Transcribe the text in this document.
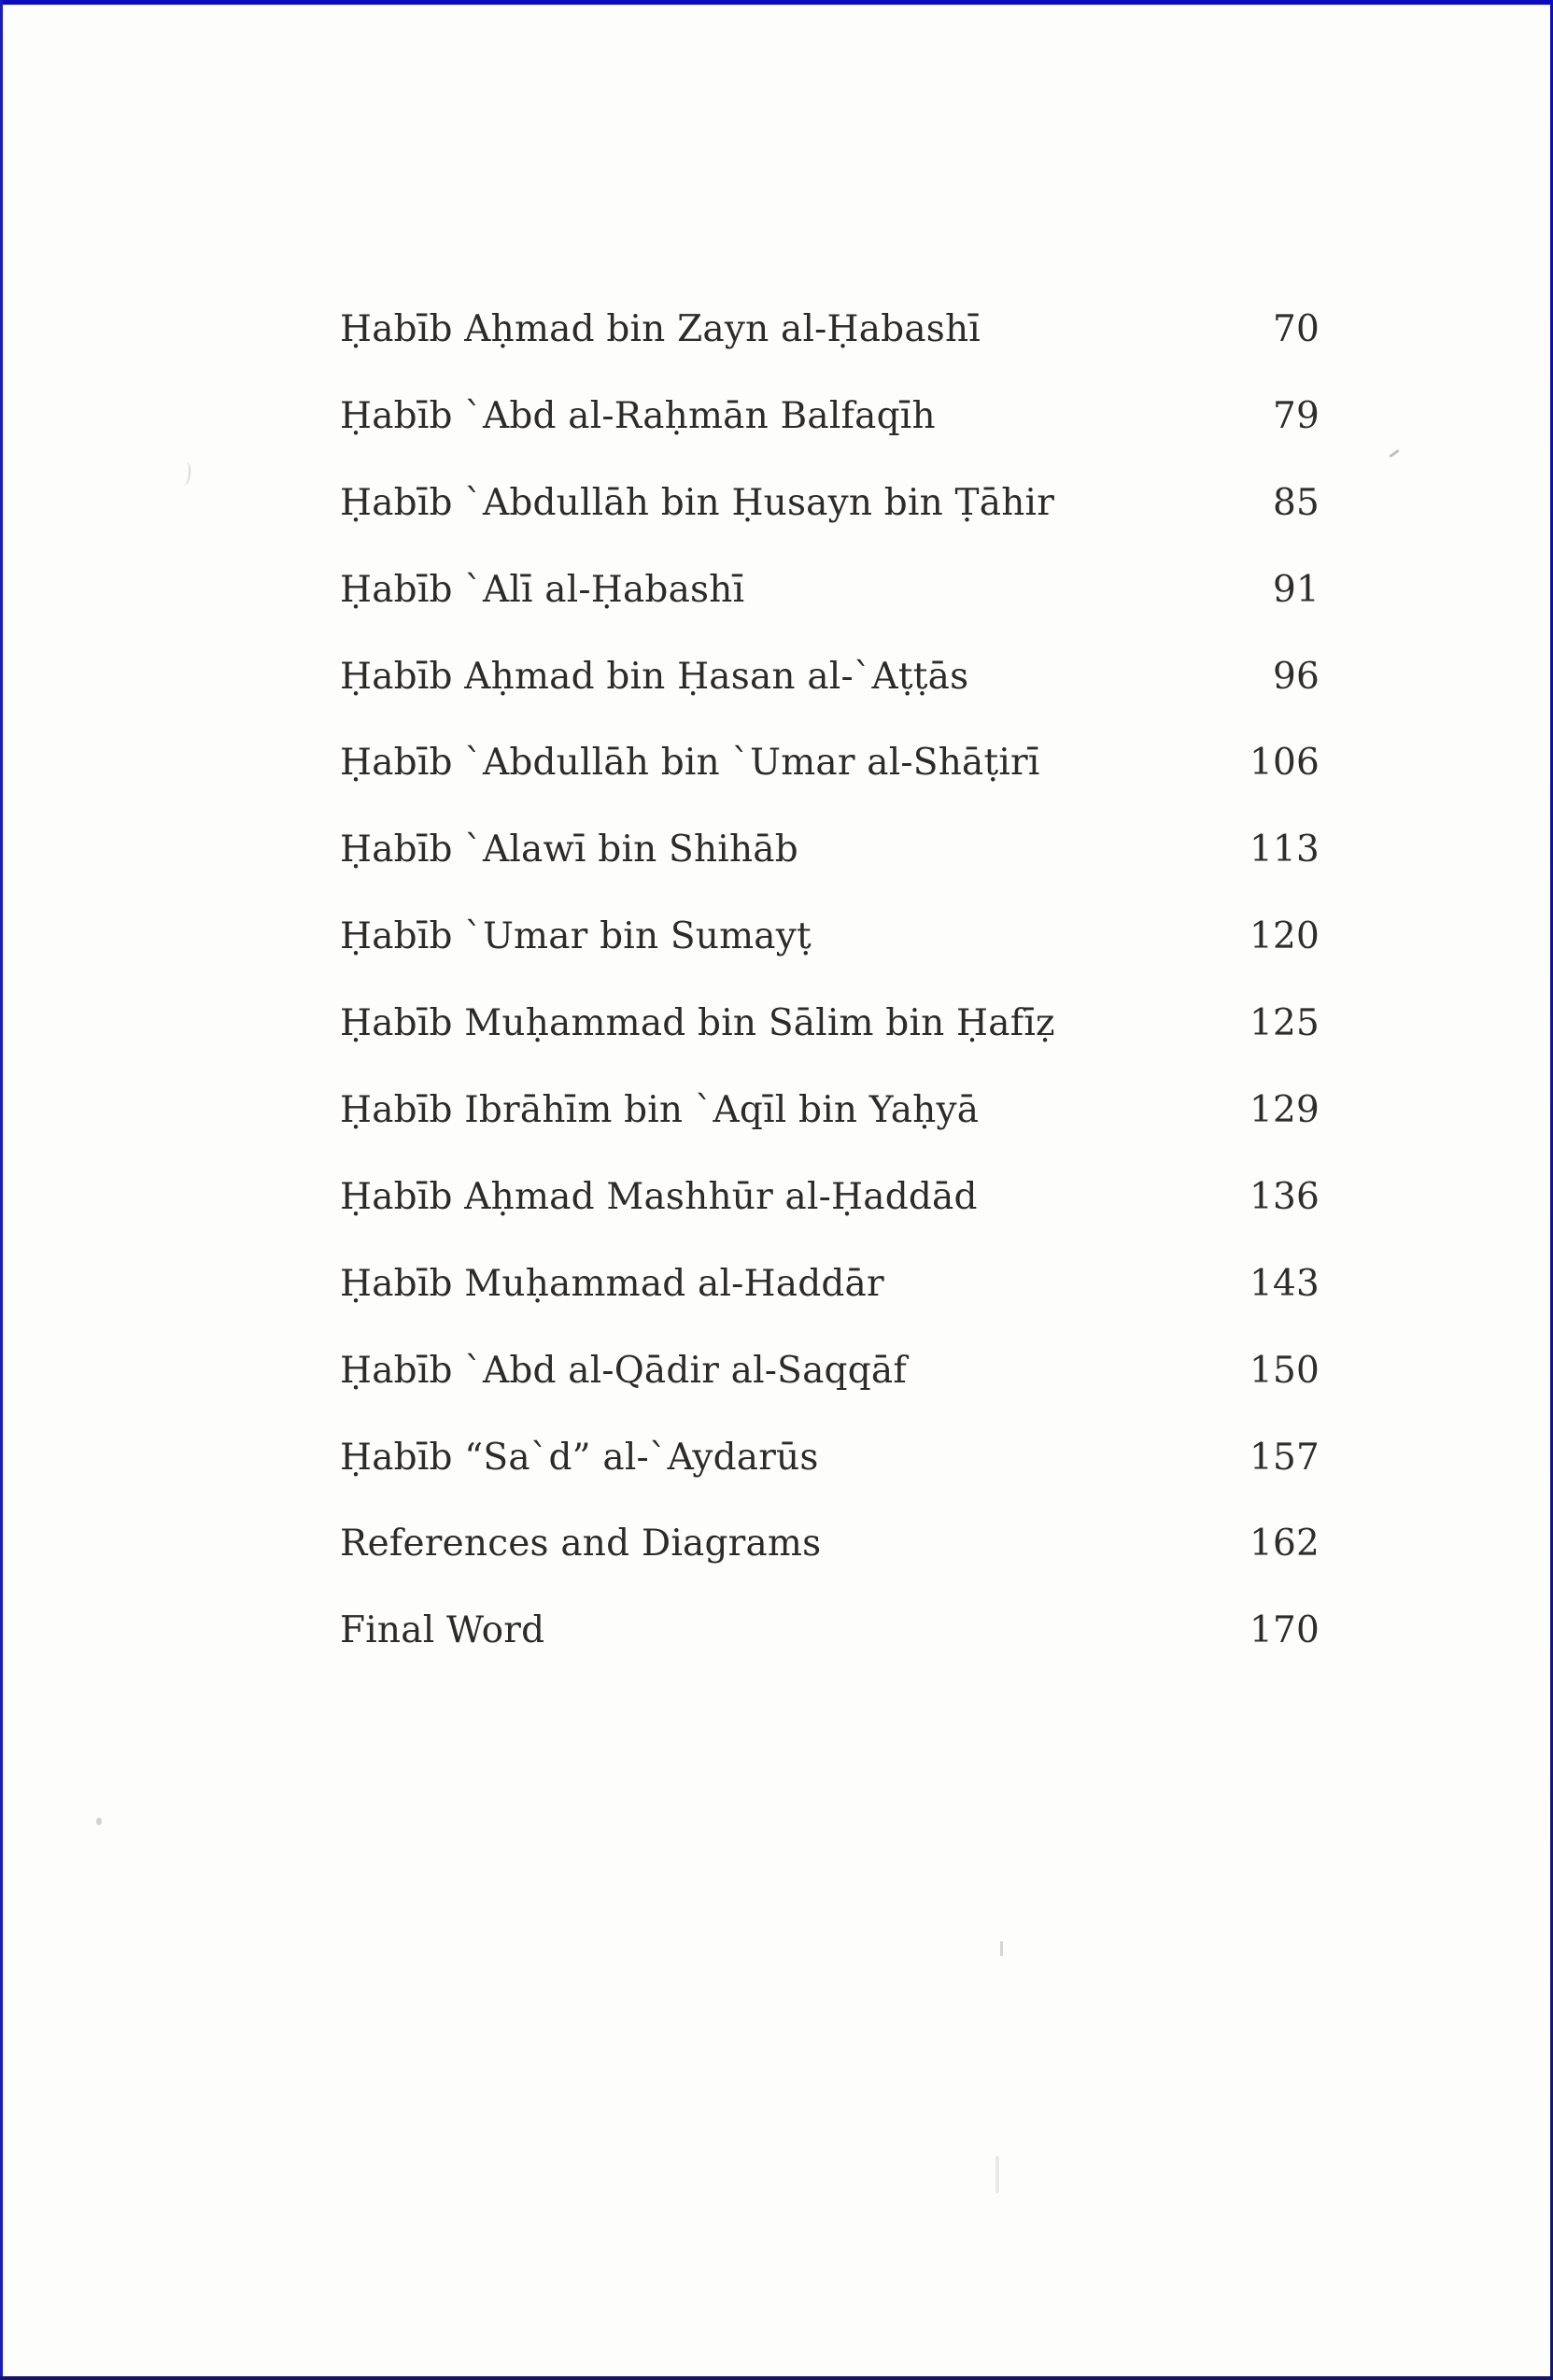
Ḥabīb Aḥmad bin Zayn al-Ḥabashī	70
Ḥabīb `Abd al-Raḥmān Balfaqīh	79
Ḥabīb `Abdullāh bin Ḥusayn bin Ṭāhir	85
Ḥabīb `Alī al-Ḥabashī	91
Ḥabīb Aḥmad bin Ḥasan al-`Aṭṭās	96
Ḥabīb `Abdullāh bin `Umar al-Shāṭirī	106
Ḥabīb `Alawī bin Shihāb	113
Ḥabīb `Umar bin Sumayṭ	120
Ḥabīb Muḥammad bin Sālim bin Ḥafīẓ	125
Ḥabīb Ibrāhīm bin `Aqīl bin Yaḥyā	129
Ḥabīb Aḥmad Mashhūr al-Ḥaddād	136
Ḥabīb Muḥammad al-Haddār	143
Ḥabīb `Abd al-Qādir al-Saqqāf	150
Ḥabīb “Sa`d” al-`Aydarūs	157
References and Diagrams	162
Final Word	170
